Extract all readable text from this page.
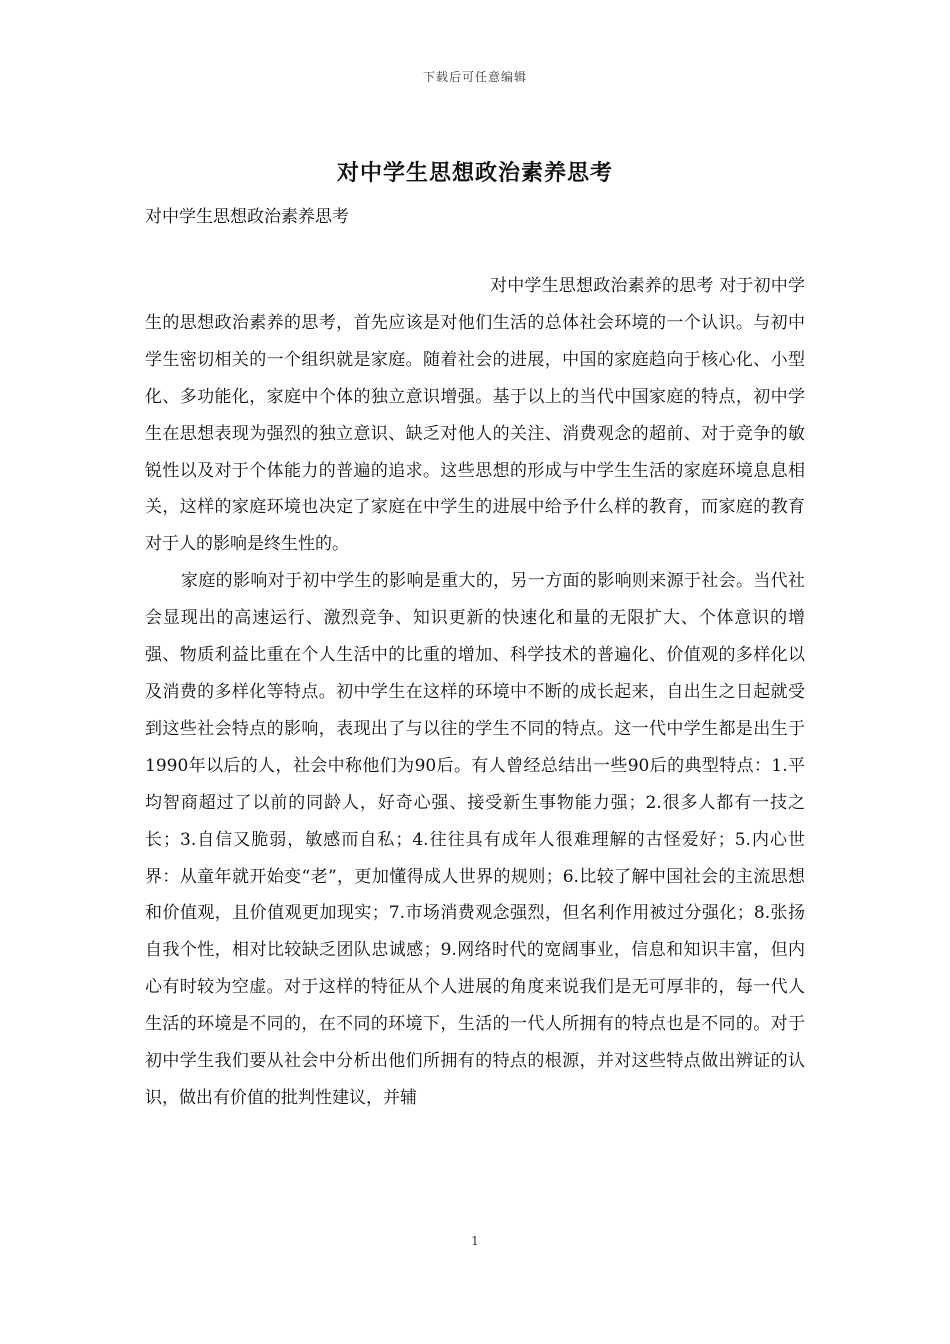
下载后可任意编辑
对中学生思想政治素养思考
对中学生思想政治素养思考

对中学生思想政治素养的思考 对于初中学生的思想政治素养的思考，首先应该是对他们生活的总体社会环境的一个认识。与初中学生密切相关的一个组织就是家庭。随着社会的进展，中国的家庭趋向于核心化、小型化、多功能化，家庭中个体的独立意识增强。基于以上的当代中国家庭的特点，初中学生在思想表现为强烈的独立意识、缺乏对他人的关注、消费观念的超前、对于竞争的敏锐性以及对于个体能力的普遍的追求。这些思想的形成与中学生生活的家庭环境息息相关，这样的家庭环境也决定了家庭在中学生的进展中给予什么样的教育，而家庭的教育对于人的影响是终生性的。

家庭的影响对于初中学生的影响是重大的，另一方面的影响则来源于社会。当代社会显现出的高速运行、激烈竞争、知识更新的快速化和量的无限扩大、个体意识的增强、物质利益比重在个人生活中的比重的增加、科学技术的普遍化、价值观的多样化以及消费的多样化等特点。初中学生在这样的环境中不断的成长起来，自出生之日起就受到这些社会特点的影响，表现出了与以往的学生不同的特点。这一代中学生都是出生于1990年以后的人，社会中称他们为90后。有人曾经总结出一些90后的典型特点：1.平均智商超过了以前的同龄人，好奇心强、接受新生事物能力强；2.很多人都有一技之长；3.自信又脆弱，敏感而自私；4.往往具有成年人很难理解的古怪爱好；5.内心世界：从童年就开始变“老”，更加懂得成人世界的规则；6.比较了解中国社会的主流思想和价值观，且价值观更加现实；7.市场消费观念强烈，但名利作用被过分强化；8.张扬自我个性，相对比较缺乏团队忠诚感；9.网络时代的宽阔事业，信息和知识丰富，但内心有时较为空虚。对于这样的特征从个人进展的角度来说我们是无可厚非的，每一代人生活的环境是不同的，在不同的环境下，生活的一代人所拥有的特点也是不同的。对于初中学生我们要从社会中分析出他们所拥有的特点的根源，并对这些特点做出辨证的认识，做出有价值的批判性建议，并辅

1
